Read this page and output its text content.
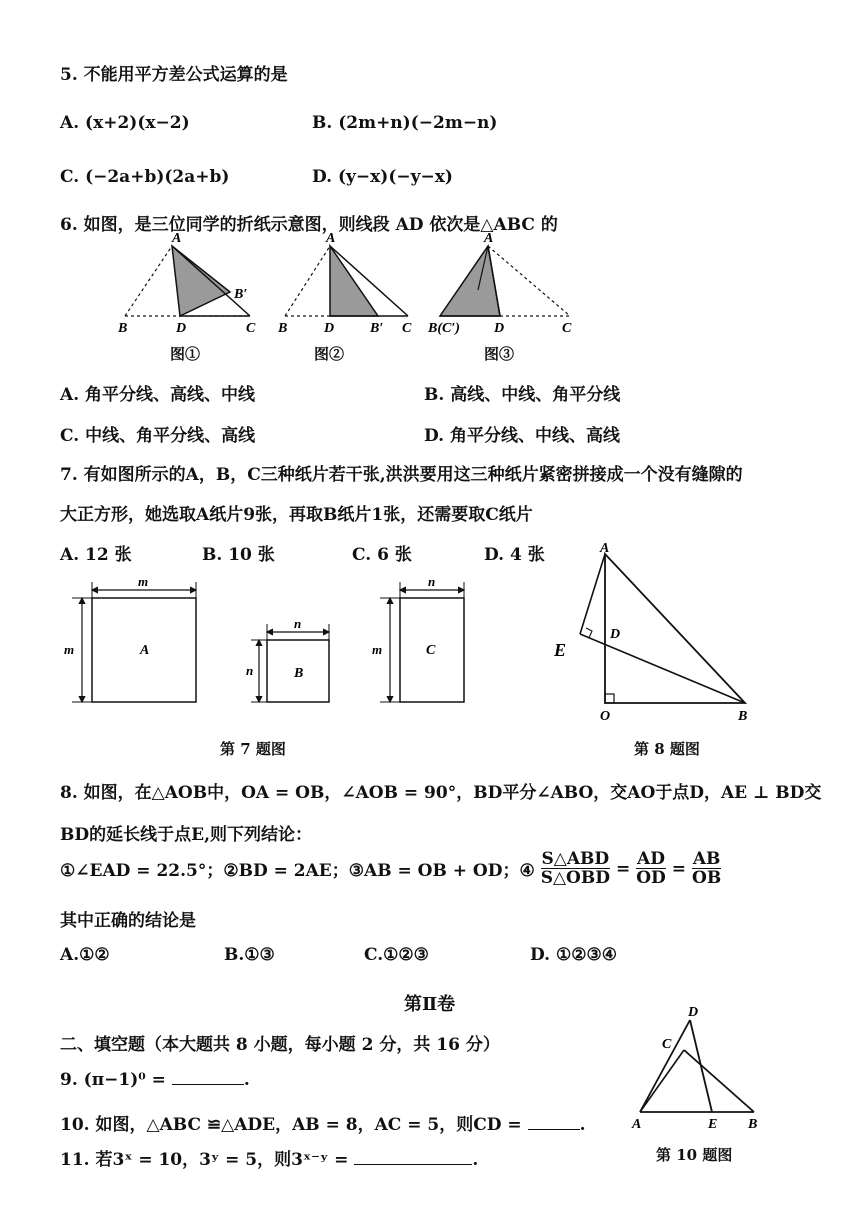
5. 不能用平方差公式运算的是
A. (x+2)(x−2)	B. (2m+n)(−2m−n)
C. (−2a+b)(2a+b)	D. (y−x)(−y−x)
6. 如图，是三位同学的折纸示意图，则线段 AD 依次是△ABC 的
A
B	D	C
B′
A
B	D	B′ C
A
B(C′) D	C
图①	图②	图③
A. 角平分线、高线、中线	B. 高线、中线、角平分线
C. 中线、角平分线、高线	D. 角平分线、中线、高线
7. 有如图所示的A，B，C三种纸片若干张,洪洪要用这三种纸片紧密拼接成一个没有缝隙的
大正方形，她选取A纸片9张，再取B纸片1张，还需要取C纸片
A. 12 张	B. 10 张	C. 6 张	D. 4 张
m
m	A
n
n	B
n
m	C
第 7 题图
A
E
D
O	B
第 8 题图
8. 如图，在△AOB中，OA = OB，∠AOB = 90°，BD平分∠ABO，交AO于点D，AE ⊥ BD交
BD的延长线于点E,则下列结论：
①∠EAD = 22.5°；②BD = 2AE；③AB = OB + OD；④ $\frac{\text{S△ABD}}{\text{S△OBD}} = \frac{AD}{OD} = \frac{AB}{OB}$
其中正确的结论是
A.①②	B.①③	C.①②③	D. ①②③④
第Ⅱ卷
二、填空题（本大题共 8 小题，每小题 2 分，共 16 分）
9. (π−1)⁰ =	.
10. 如图，△ABC ≌△ADE，AB = 8，AC = 5，则CD =	.
11. 若3ˣ = 10，3ʸ = 5，则3ˣ⁻ʸ =	.
D
C
A	E B
第 10 题图
